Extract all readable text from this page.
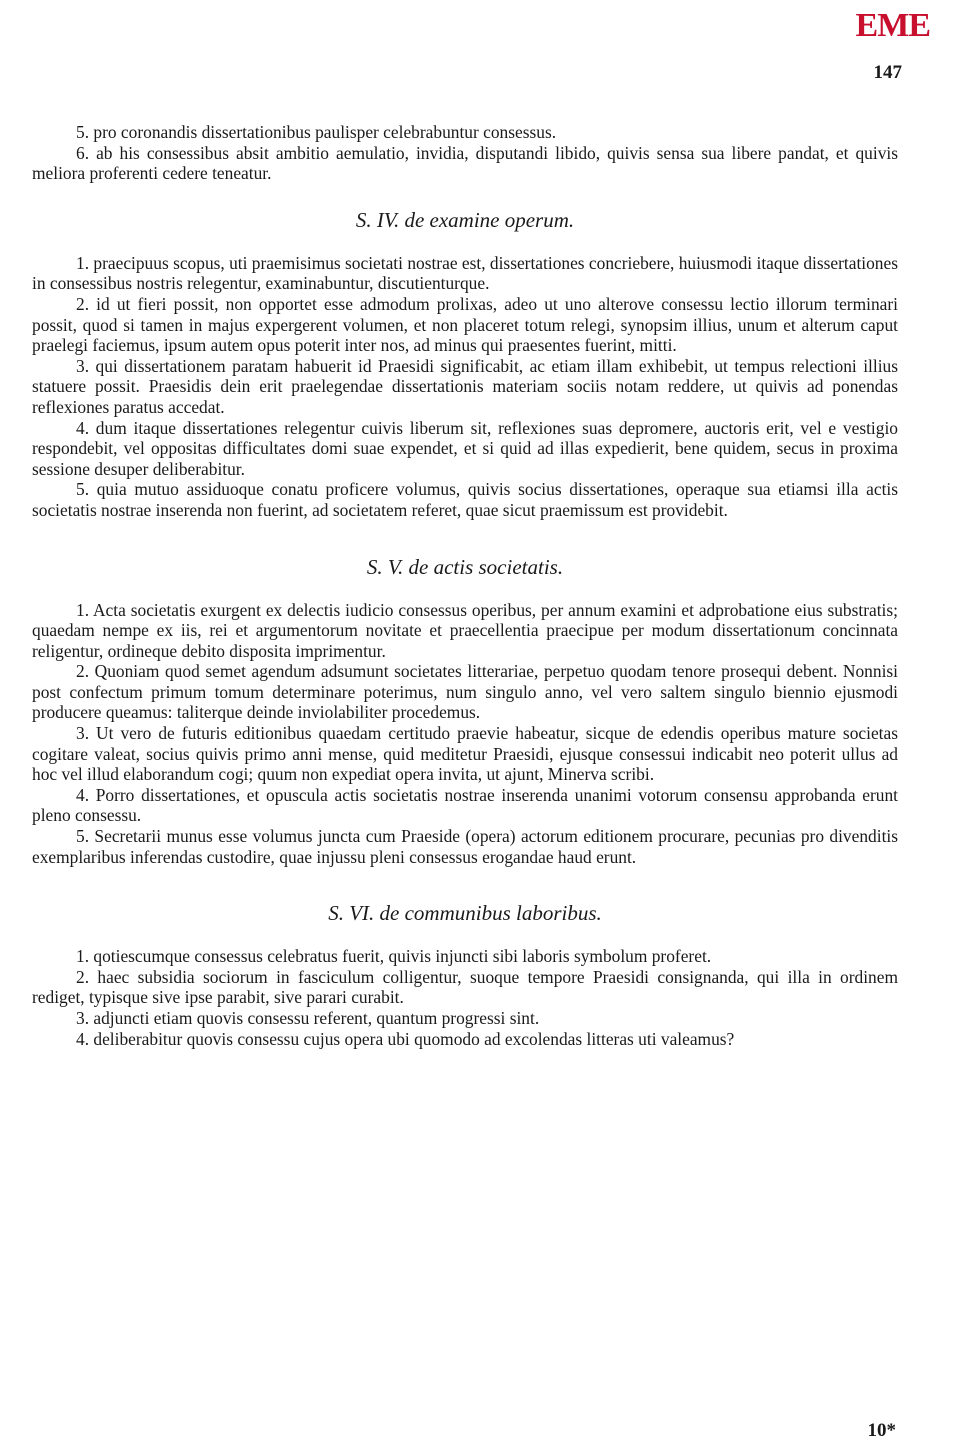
EME
147

5. pro coronandis dissertationibus paulisper celebrabuntur consessus.

6. ab his consessibus absit ambitio aemulatio, invidia, disputandi libido, quivis sensa sua libere pandat, et quivis meliora proferenti cedere teneatur.

S. IV. de examine operum.

1. praecipuus scopus, uti praemisimus societati nostrae est, dissertationes concriebere, huiusmodi itaque dissertationes in consessibus nostris relegentur, examinabuntur, discutienturque.

2. id ut fieri possit, non opportet esse admodum prolixas, adeo ut uno alterove consessu lectio illorum terminari possit, quod si tamen in majus expergerent volumen, et non placeret totum relegi, synopsim illius, unum et alterum caput praelegi faciemus, ipsum autem opus poterit inter nos, ad minus qui praesentes fuerint, mitti.

3. qui dissertationem paratam habuerit id Praesidi significabit, ac etiam illam exhibebit, ut tempus relectioni illius statuere possit. Praesidis dein erit praelegendae dissertationis materiam sociis notam reddere, ut quivis ad ponendas reflexiones paratus accedat.

4. dum itaque dissertationes relegentur cuivis liberum sit, reflexiones suas depromere, auctoris erit, vel e vestigio respondebit, vel oppositas difficultates domi suae expendet, et si quid ad illas expedierit, bene quidem, secus in proxima sessione desuper deliberabitur.

5. quia mutuo assiduoque conatu proficere volumus, quivis socius dissertationes, operaque sua etiamsi illa actis societatis nostrae inserenda non fuerint, ad societatem referet, quae sicut praemissum est providebit.

S. V. de actis societatis.

1. Acta societatis exurgent ex delectis iudicio consessus operibus, per annum examini et adprobatione eius substratis; quaedam nempe ex iis, rei et argumentorum novitate et praecellentia praecipue per modum dissertationum concinnata religentur, ordineque debito disposita imprimentur.

2. Quoniam quod semet agendum adsumunt societates litterariae, perpetuo quodam tenore prosequi debent. Nonnisi post confectum primum tomum determinare poterimus, num singulo anno, vel vero saltem singulo biennio ejusmodi producere queamus: taliterque deinde inviolabiliter procedemus.

3. Ut vero de futuris editionibus quaedam certitudo praevie habeatur, sicque de edendis operibus mature societas cogitare valeat, socius quivis primo anni mense, quid meditetur Praesidi, ejusque consessui indicabit neo poterit ullus ad hoc vel illud elaborandum cogi; quum non expediat opera invita, ut ajunt, Minerva scribi.

4. Porro dissertationes, et opuscula actis societatis nostrae inserenda unanimi votorum consensu approbanda erunt pleno consessu.

5. Secretarii munus esse volumus juncta cum Praeside (opera) actorum editionem procurare, pecunias pro divenditis exemplaribus inferendas custodire, quae injussu pleni consessus erogandae haud erunt.

S. VI. de communibus laboribus.

1. qotiescumque consessus celebratus fuerit, quivis injuncti sibi laboris symbolum proferet.

2. haec subsidia sociorum in fasciculum colligentur, suoque tempore Praesidi consignanda, qui illa in ordinem rediget, typisque sive ipse parabit, sive parari curabit.

3. adjuncti etiam quovis consessu referent, quantum progressi sint.

4. deliberabitur quovis consessu cujus opera ubi quomodo ad excolendas litteras uti valeamus?

10*
